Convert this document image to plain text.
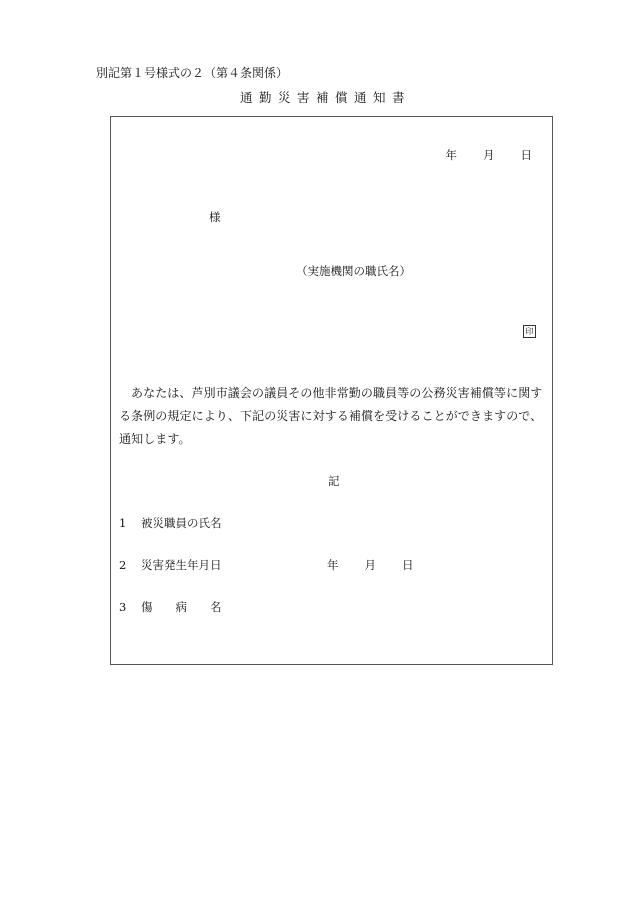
別記第１号様式の２（第４条関係）
通勤災害補償通知書
年 月 日
様
（実施機関の職氏名）
印
あなたは、芦別市議会の議員その他非常勤の職員等の公務災害補償等に関する条例の規定により、下記の災害に対する補償を受けることができますので、通知します。
記
1 被災職員の氏名
2 災害発生年月日	年 月 日
3 傷　　病　　名
